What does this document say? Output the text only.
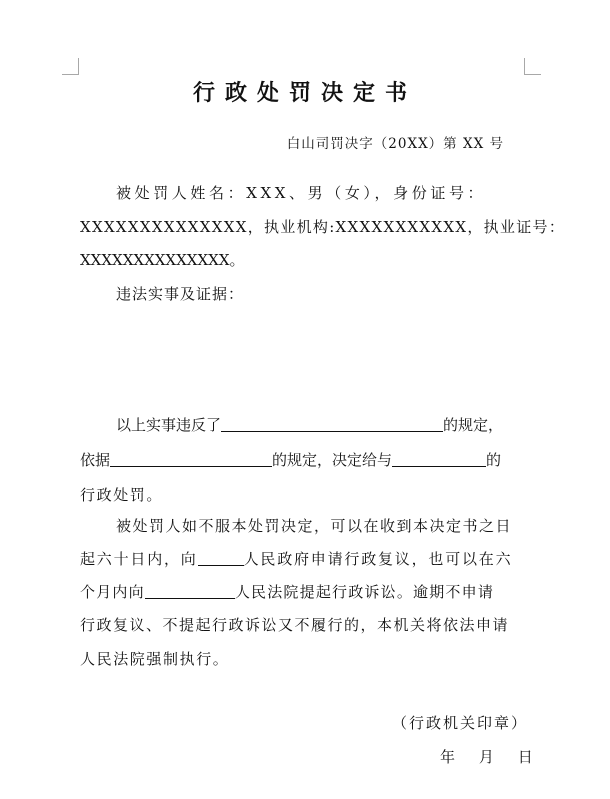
行政处罚决定书
白山司罚决字（20XX）第 XX 号
被处罚人姓名：XXX、男（女），身份证号：
XXXXXXXXXXXXXX，执业机构:XXXXXXXXXXX，执业证号：
XXXXXXXXXXXXXX。
违法实事及证据：
以上实事违反了	的规定，
依据	的规定，决定给与	的
行政处罚。
被处罚人如不服本处罚决定，可以在收到本决定书之日
起六十日内，向	人民政府申请行政复议，也可以在六
个月内向	人民法院提起行政诉讼。逾期不申请
行政复议、不提起行政诉讼又不履行的，本机关将依法申请
人民法院强制执行。
（行政机关印章）
年 月 日
